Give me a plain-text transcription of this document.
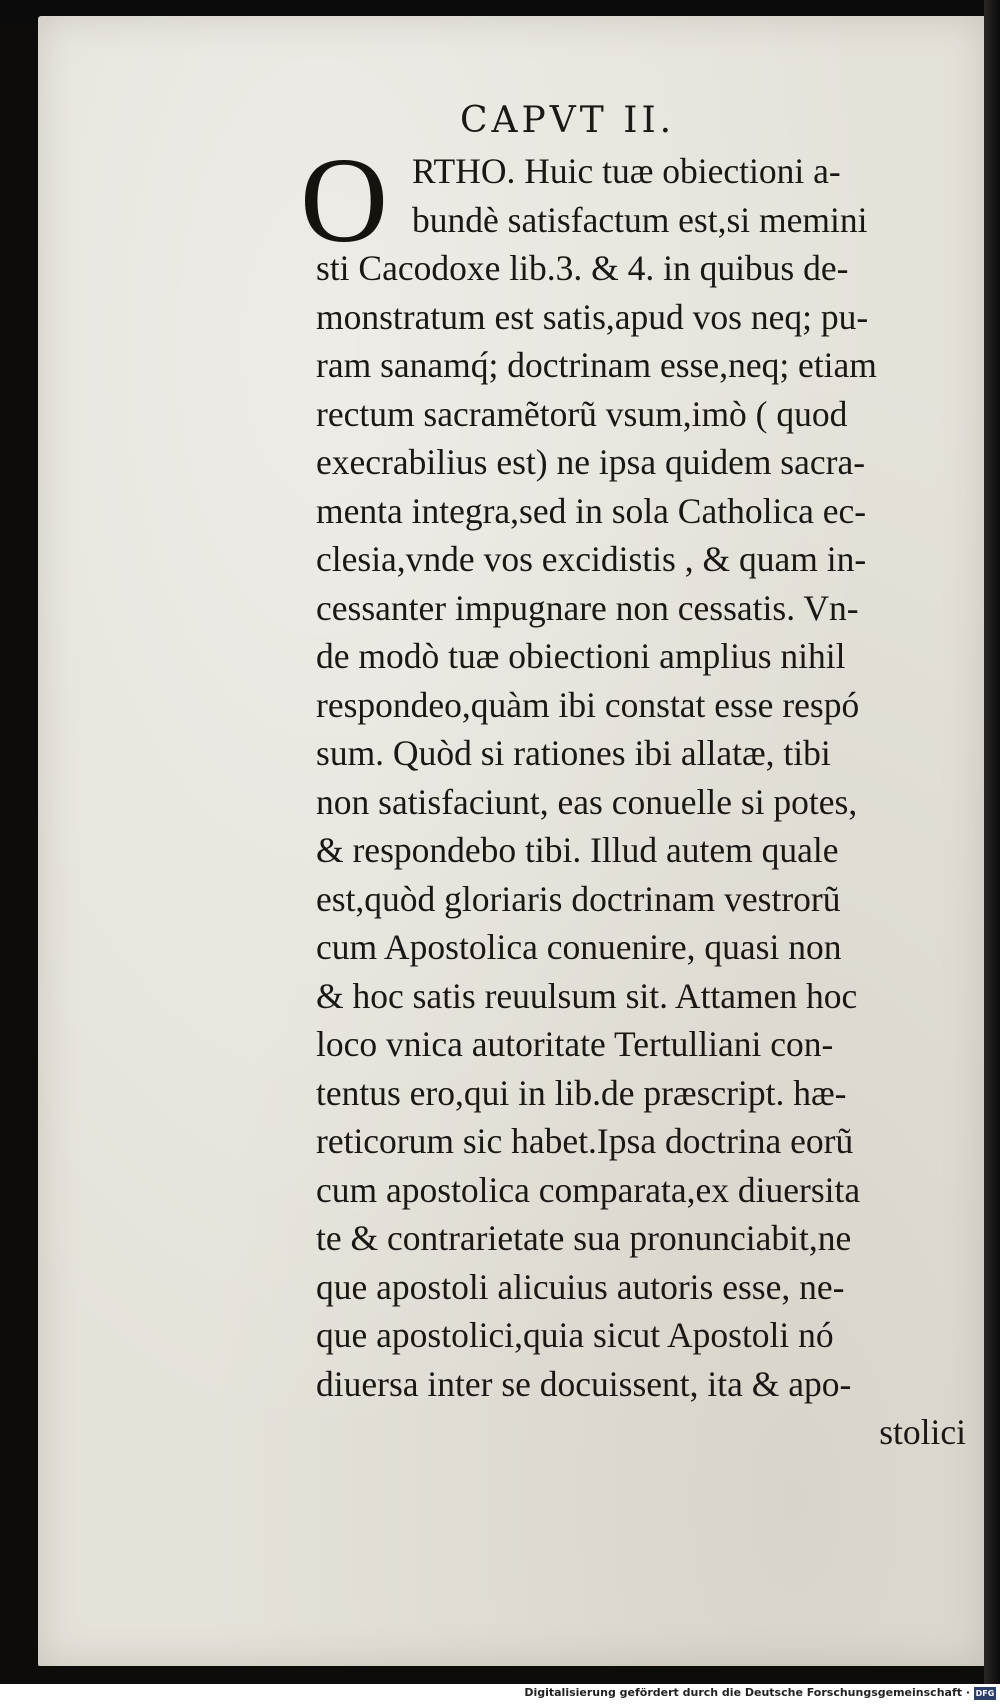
CAPVT II.
O RTHO. Huic tuæ obiectioni a-
bundè satisfactum est,si memini
sti Cacodoxe lib.3. & 4. in quibus de-
monstratum est satis,apud vos neq; pu-
ram sanamq́; doctrinam esse,neq; etiam
rectum sacramẽtorũ vsum,imò ( quod
execrabilius est) ne ipsa quidem sacra-
menta integra,sed in sola Catholica ec-
clesia,vnde vos excidistis , & quam in-
cessanter impugnare non cessatis. Vn-
de modò tuæ obiectioni amplius nihil
respondeo,quàm ibi constat esse respó
sum. Quòd si rationes ibi allatæ, tibi
non satisfaciunt, eas conuelle si potes,
& respondebo tibi. Illud autem quale
est,quòd gloriaris doctrinam vestrorũ
cum Apostolica conuenire, quasi non
& hoc satis reuulsum sit. Attamen hoc
loco vnica autoritate Tertulliani con-
tentus ero,qui in lib.de præscript. hæ-
reticorum sic habet.Ipsa doctrina eorũ
cum apostolica comparata,ex diuersita
te & contrarietate sua pronunciabit,ne
que apostoli alicuius autoris esse, ne-
que apostolici,quia sicut Apostoli nó
diuersa inter se docuissent, ita & apo-
stolici
Digitalisierung gefördert durch die Deutsche Forschungsgemeinschaft · DFG
